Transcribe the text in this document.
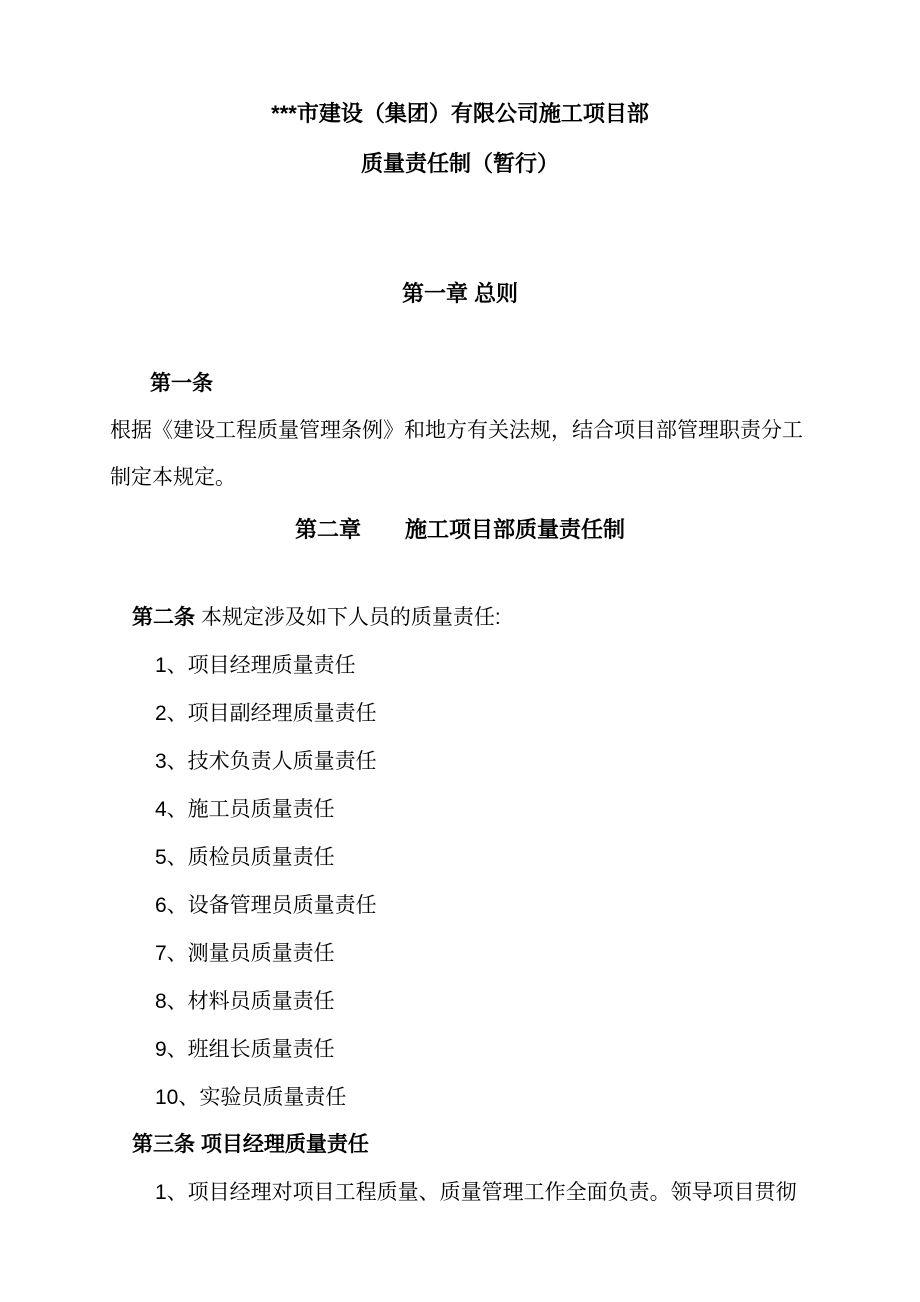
***市建设（集团）有限公司施工项目部
质量责任制（暂行）
第一章 总则
第一条
根据《建设工程质量管理条例》和地方有关法规，结合项目部管理职责分工
制定本规定。
第二章　　施工项目部质量责任制
第二条 本规定涉及如下人员的质量责任:
1、项目经理质量责任
2、项目副经理质量责任
3、技术负责人质量责任
4、施工员质量责任
5、质检员质量责任
6、设备管理员质量责任
7、测量员质量责任
8、材料员质量责任
9、班组长质量责任
10、实验员质量责任
第三条 项目经理质量责任
1、项目经理对项目工程质量、质量管理工作全面负责。领导项目贯彻
